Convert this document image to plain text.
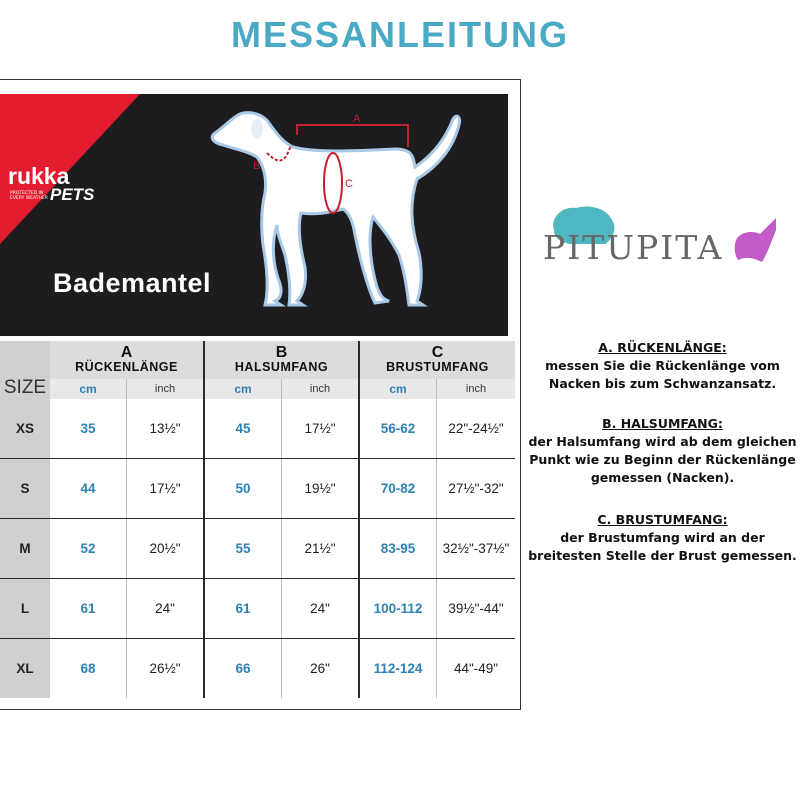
MESSANLEITUNG
rukka
PROTECTED IN EVERY WEATHER PETS
Bademantel
A
B
C
SIZE	A
RÜCKENLÄNGE		B
HALSUMFANG		C
BRUSTUMFANG	
	cm	inch	cm	inch	cm	inch
XS	35	13½"	45	17½"	56-62	22"-24½"
S	44	17½"	50	19½"	70-82	27½"-32"
M	52	20½"	55	21½"	83-95	32½"-37½"
L	61	24"	61	24"	100-112	39½"-44"
XL	68	26½"	66	26"	112-124	44"-49"
PITUPITA
A. RÜCKENLÄNGE:
messen Sie die Rückenlänge vom Nacken bis zum Schwanzansatz.
B. HALSUMFANG:
der Halsumfang wird ab dem gleichen Punkt wie zu Beginn der Rückenlänge gemessen (Nacken).
C. BRUSTUMFANG:
der Brustumfang wird an der breitesten Stelle der Brust gemessen.
